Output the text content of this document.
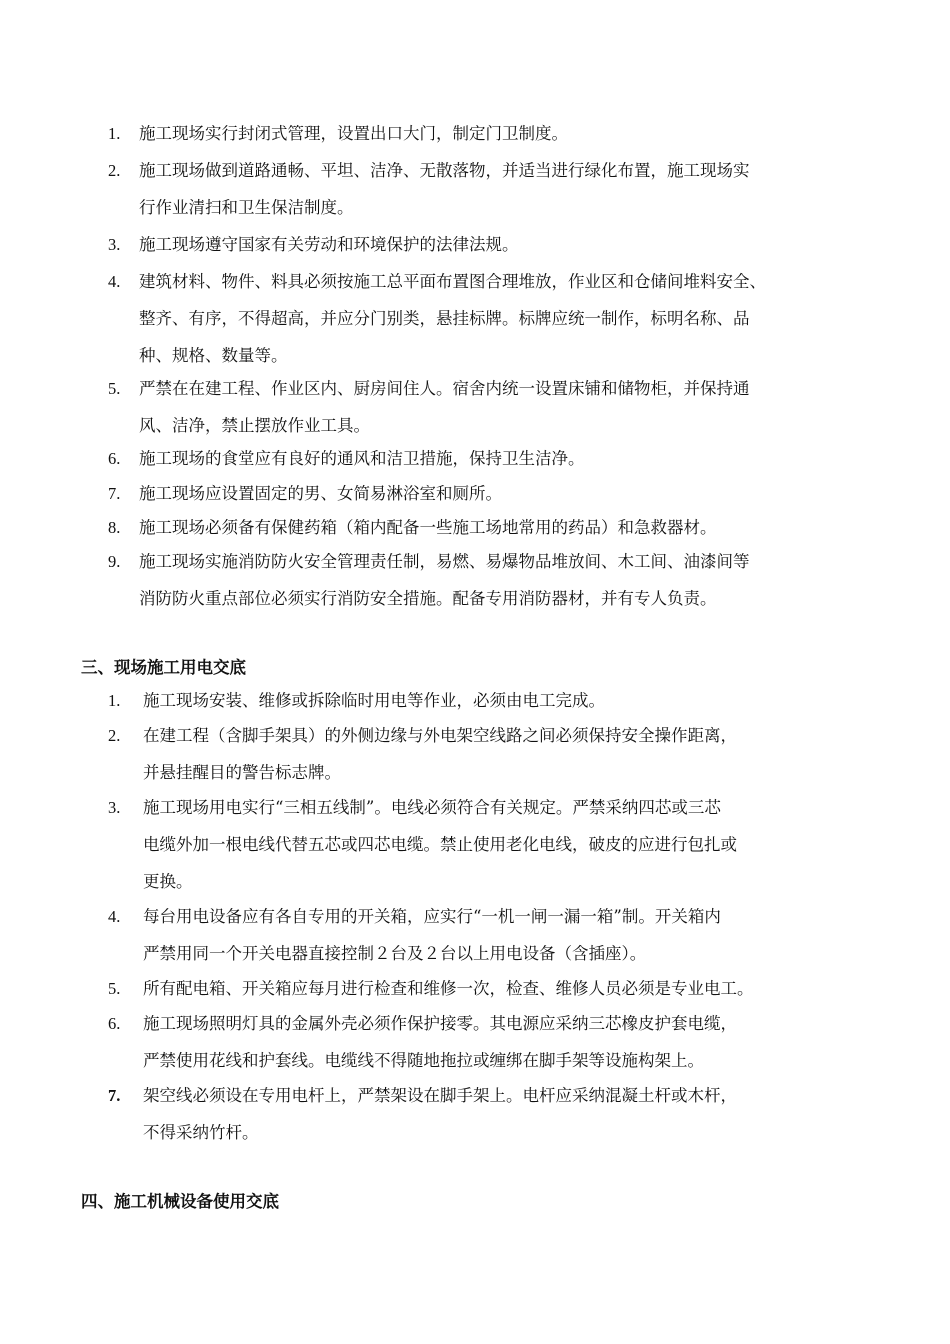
1.	施工现场实行封闭式管理，设置出口大门，制定门卫制度。
2.	施工现场做到道路通畅、平坦、洁净、无散落物，并适当进行绿化布置，施工现场实
行作业清扫和卫生保洁制度。
3.	施工现场遵守国家有关劳动和环境保护的法律法规。
4.	建筑材料、物件、料具必须按施工总平面布置图合理堆放，作业区和仓储间堆料安全、
整齐、有序，不得超高，并应分门别类，悬挂标牌。标牌应统一制作，标明名称、品
种、规格、数量等。
5.	严禁在在建工程、作业区内、厨房间住人。宿舍内统一设置床铺和储物柜，并保持通
风、洁净，禁止摆放作业工具。
6.	施工现场的食堂应有良好的通风和洁卫措施，保持卫生洁净。
7.	施工现场应设置固定的男、女简易淋浴室和厕所。
8.	施工现场必须备有保健药箱（箱内配备一些施工场地常用的药品）和急救器材。
9.	施工现场实施消防防火安全管理责任制，易燃、易爆物品堆放间、木工间、油漆间等
消防防火重点部位必须实行消防安全措施。配备专用消防器材，并有专人负责。
三、现场施工用电交底
1.	施工现场安装、维修或拆除临时用电等作业，必须由电工完成。
2.	在建工程（含脚手架具）的外侧边缘与外电架空线路之间必须保持安全操作距离，
并悬挂醒目的警告标志牌。
3.	施工现场用电实行“三相五线制”。电线必须符合有关规定。严禁采纳四芯或三芯
电缆外加一根电线代替五芯或四芯电缆。禁止使用老化电线，破皮的应进行包扎或
更换。
4.	每台用电设备应有各自专用的开关箱，应实行“一机一闸一漏一箱”制。开关箱内
严禁用同一个开关电器直接控制２台及２台以上用电设备（含插座）。
5.	所有配电箱、开关箱应每月进行检查和维修一次，检查、维修人员必须是专业电工。
6.	施工现场照明灯具的金属外壳必须作保护接零。其电源应采纳三芯橡皮护套电缆，
严禁使用花线和护套线。电缆线不得随地拖拉或缠绑在脚手架等设施构架上。
7.	架空线必须设在专用电杆上，严禁架设在脚手架上。电杆应采纳混凝土杆或木杆，
不得采纳竹杆。
四、施工机械设备使用交底
